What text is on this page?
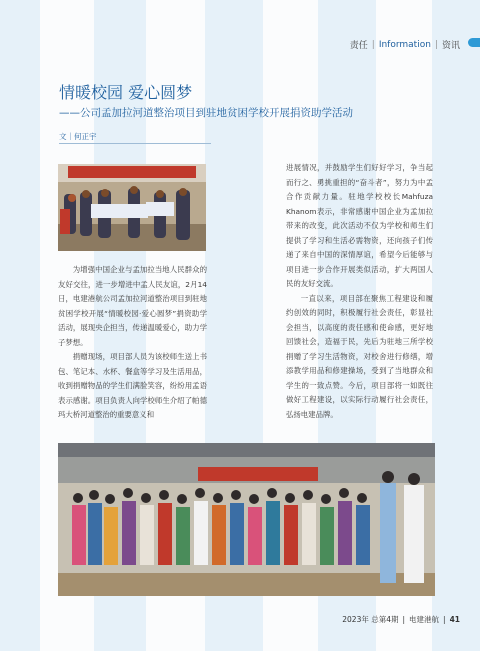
责任 | Information | 资讯
情暖校园 爱心圆梦
——公司孟加拉河道整治项目到驻地贫困学校开展捐资助学活动
文｜何正宇

为增强中国企业与孟加拉当地人民群众的友好交往，进一步增进中孟人民友谊，2月14日，电建港航公司孟加拉河道整治项目到驻地贫困学校开展“情暖校园·爱心圆梦”捐资助学活动，展现央企担当，传递温暖爱心，助力学子梦想。

捐赠现场，项目部人员为该校师生送上书包、笔记本、水杯、餐盒等学习及生活用品，收到捐赠物品的学生们满脸笑容，纷纷用孟语表示感谢。项目负责人向学校师生介绍了帕德玛大桥河道整治的重要意义和

进展情况，并鼓励学生们好好学习，争当起而行之、勇挑重担的“奋斗者”，努力为中孟合作贡献力量。驻地学校校长Mahfuza Khanom表示，非常感谢中国企业为孟加拉带来的改变，此次活动不仅为学校和师生们提供了学习和生活必需物资，还向孩子们传递了来自中国的深情厚谊，希望今后能够与项目进一步合作开展类似活动，扩大两国人民的友好交流。

一直以来，项目部在聚焦工程建设和履约创效的同时，积极履行社会责任，彰显社会担当，以高度的责任感和使命感，更好地回馈社会，造福于民，先后为驻地三所学校捐赠了学习生活物资，对校舍进行修缮，增添教学用品和修建操场，受到了当地群众和学生的一致点赞。今后，项目部将一如既往做好工程建设，以实际行动履行社会责任，弘扬电建品牌。

2023年 总第4期 | 电建港航 | 41
